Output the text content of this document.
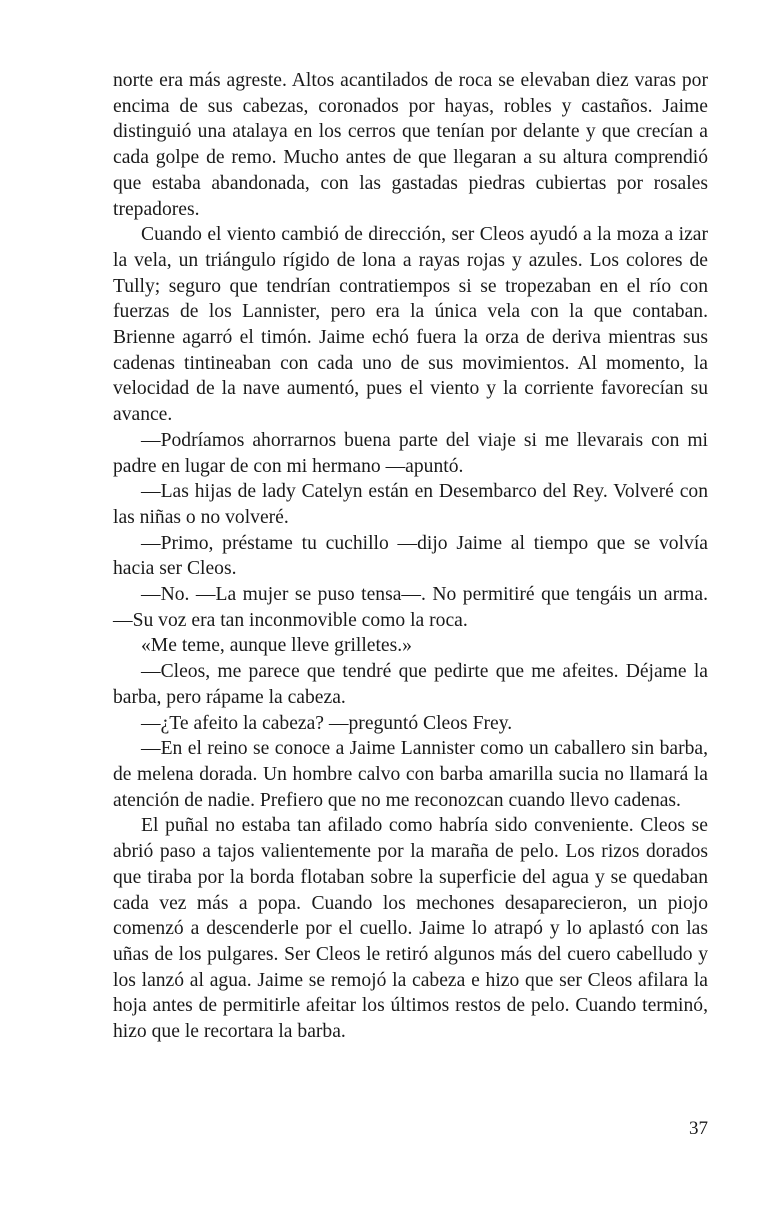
norte era más agreste. Altos acantilados de roca se elevaban diez varas por encima de sus cabezas, coronados por hayas, robles y castaños. Jaime distinguió una atalaya en los cerros que tenían por delante y que crecían a cada golpe de remo. Mucho antes de que llegaran a su altura comprendió que estaba abandonada, con las gastadas piedras cubiertas por rosales trepadores.

Cuando el viento cambió de dirección, ser Cleos ayudó a la moza a izar la vela, un triángulo rígido de lona a rayas rojas y azules. Los colores de Tully; seguro que tendrían contratiempos si se tropezaban en el río con fuerzas de los Lannister, pero era la única vela con la que contaban. Brienne agarró el timón. Jaime echó fuera la orza de deriva mientras sus cadenas tintineaban con cada uno de sus movimientos. Al momento, la velocidad de la nave aumentó, pues el viento y la corriente favorecían su avance.

—Podríamos ahorrarnos buena parte del viaje si me llevarais con mi padre en lugar de con mi hermano —apuntó.

—Las hijas de lady Catelyn están en Desembarco del Rey. Volveré con las niñas o no volveré.

—Primo, préstame tu cuchillo —dijo Jaime al tiempo que se volvía hacia ser Cleos.

—No. —La mujer se puso tensa—. No permitiré que tengáis un arma. —Su voz era tan inconmovible como la roca.

«Me teme, aunque lleve grilletes.»

—Cleos, me parece que tendré que pedirte que me afeites. Déjame la barba, pero rápame la cabeza.

—¿Te afeito la cabeza? —preguntó Cleos Frey.

—En el reino se conoce a Jaime Lannister como un caballero sin barba, de melena dorada. Un hombre calvo con barba amarilla sucia no llamará la atención de nadie. Prefiero que no me reconozcan cuando llevo cadenas.

El puñal no estaba tan afilado como habría sido conveniente. Cleos se abrió paso a tajos valientemente por la maraña de pelo. Los rizos dorados que tiraba por la borda flotaban sobre la superficie del agua y se quedaban cada vez más a popa. Cuando los mechones desaparecieron, un piojo comenzó a descenderle por el cuello. Jaime lo atrapó y lo aplastó con las uñas de los pulgares. Ser Cleos le retiró algunos más del cuero cabelludo y los lanzó al agua. Jaime se remojó la cabeza e hizo que ser Cleos afilara la hoja antes de permitirle afeitar los últimos restos de pelo. Cuando terminó, hizo que le recortara la barba.

37
